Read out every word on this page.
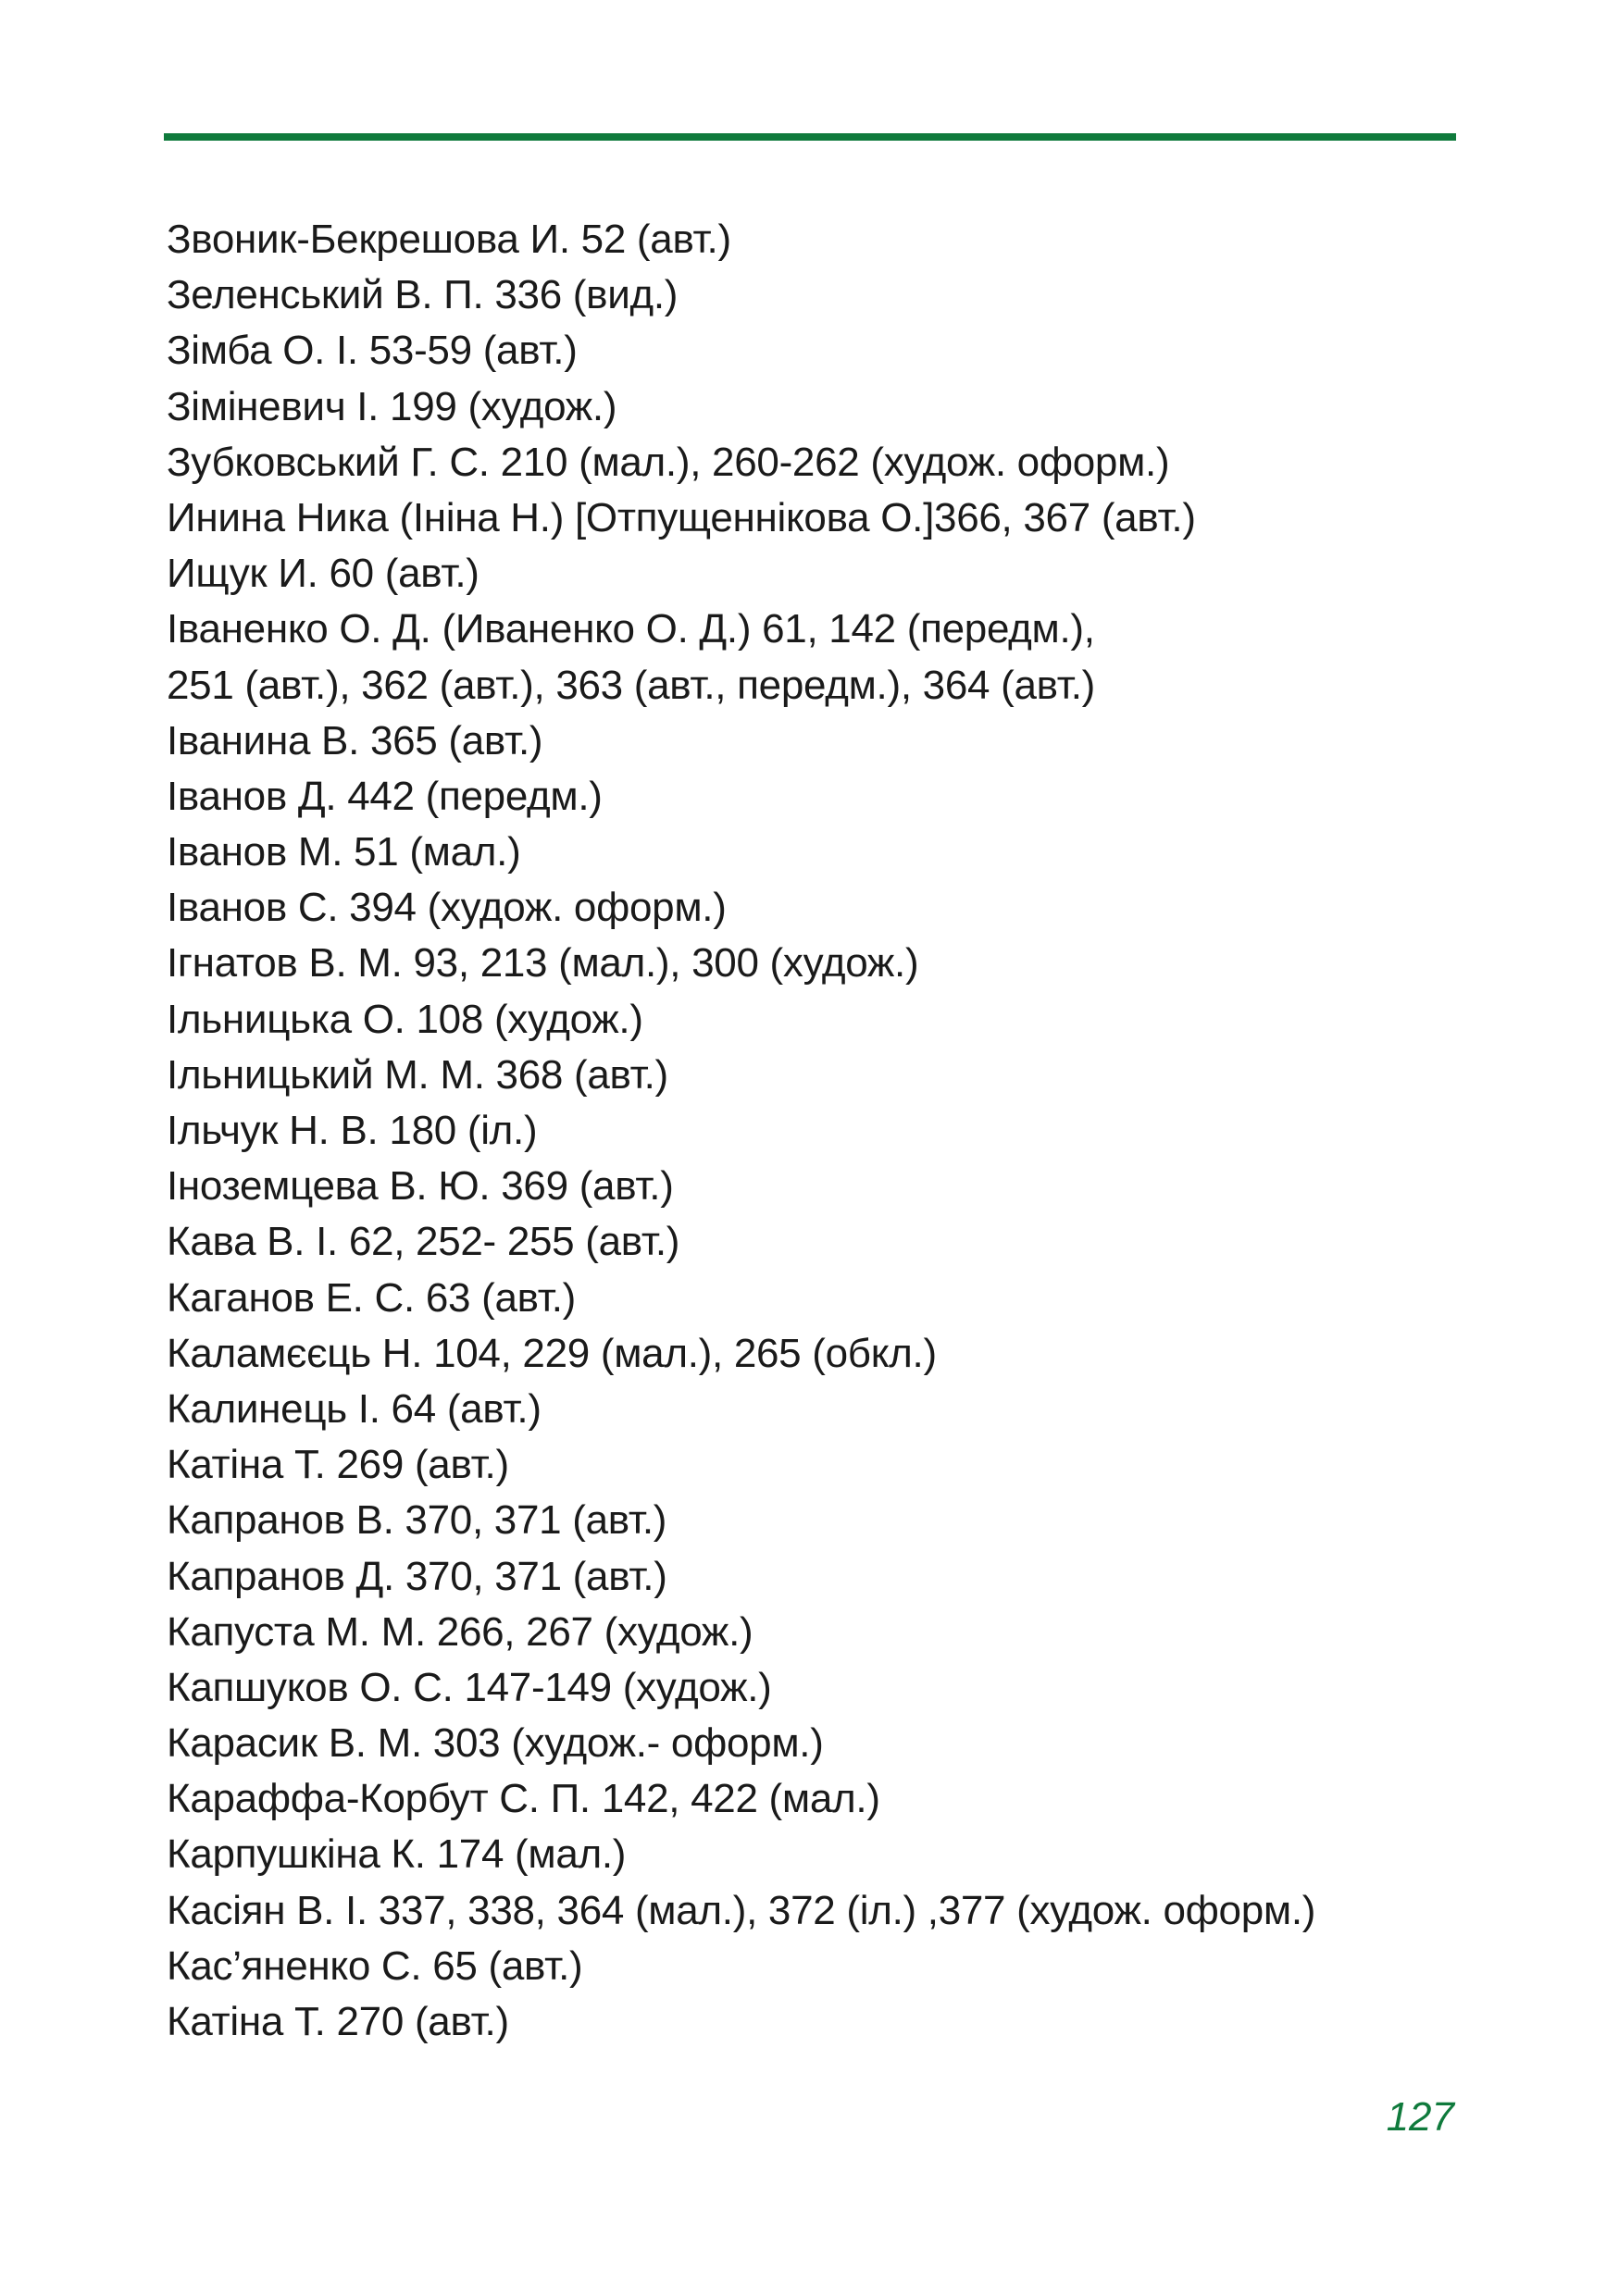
Звоник-Бекрешова И. 52 (авт.)
Зеленський В. П. 336 (вид.)
Зімба О. І. 53-59 (авт.)
Зіміневич І. 199 (худож.)
Зубковський Г. С. 210 (мал.), 260-262 (худож. оформ.)
Инина Ника (Ініна Н.) [Отпущеннікова О.]366, 367 (авт.)
Ищук И. 60 (авт.)
Іваненко О. Д. (Иваненко О. Д.) 61, 142 (передм.),
251 (авт.), 362 (авт.), 363 (авт., передм.), 364 (авт.)
Іванина В. 365 (авт.)
Іванов Д. 442 (передм.)
Іванов М. 51 (мал.)
Іванов С. 394 (худож. оформ.)
Ігнатов В. М. 93, 213 (мал.), 300 (худож.)
Ільницька О. 108 (худож.)
Ільницький М. М. 368 (авт.)
Ільчук Н. В. 180 (іл.)
Іноземцева В. Ю. 369 (авт.)
Кава В. І. 62, 252- 255 (авт.)
Каганов Е. С. 63 (авт.)
Каламєєць Н. 104, 229 (мал.), 265 (обкл.)
Калинець І. 64 (авт.)
Катіна Т. 269 (авт.)
Капранов В. 370, 371 (авт.)
Капранов Д. 370, 371 (авт.)
Капуста М. М. 266, 267 (худож.)
Капшуков О. С. 147-149 (худож.)
Карасик В. М. 303 (худож.- оформ.)
Караффа-Корбут С. П. 142, 422 (мал.)
Карпушкіна К. 174 (мал.)
Касіян В. І. 337, 338, 364 (мал.), 372 (іл.) ,377 (худож. оформ.)
Кас’яненко С. 65 (авт.)
Катіна Т. 270 (авт.)
127
